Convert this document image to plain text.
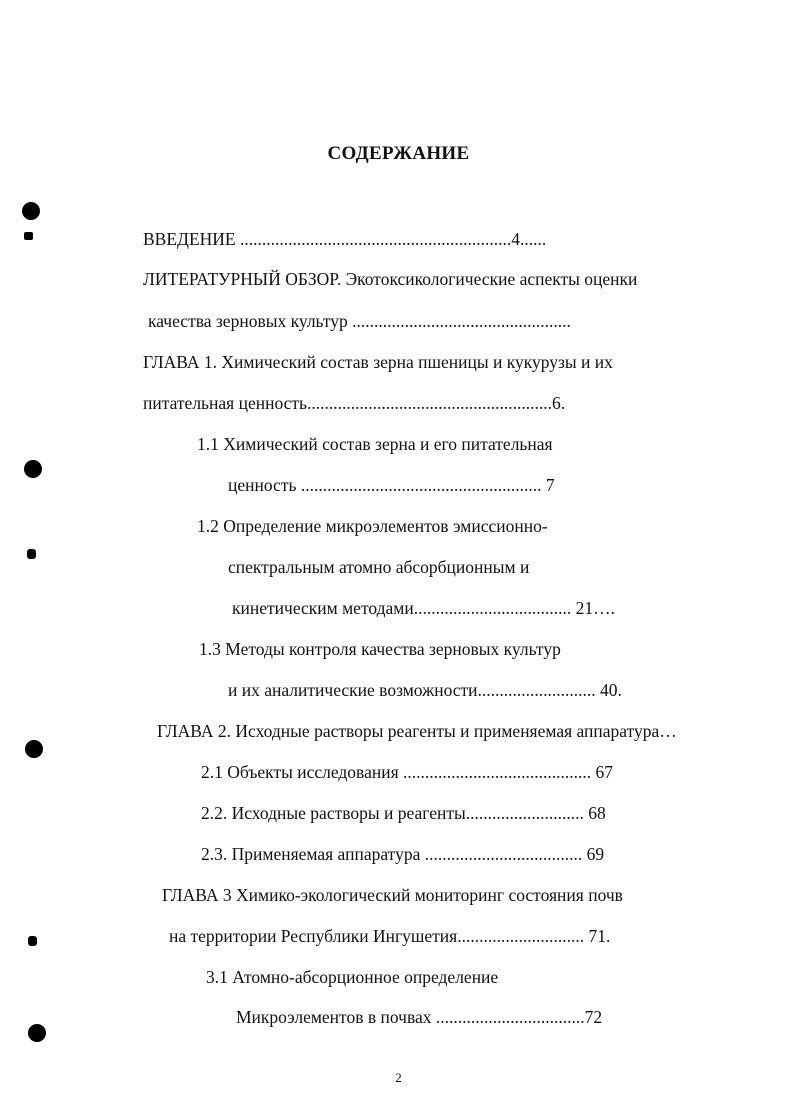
СОДЕРЖАНИЕ
ВВЕДЕНИЕ ..............................................................4......
ЛИТЕРАТУРНЫЙ ОБЗОР. Экотоксикологические аспекты оценки
качества зерновых культур ..................................................
ГЛАВА 1. Химический состав зерна пшеницы и кукурузы и их
питательная ценность........................................................6.
1.1 Химический состав зерна и его питательная
ценность ....................................................... 7
1.2 Определение микроэлементов эмиссионно-
спектральным атомно абсорбционным и
кинетическим методами.................................... 21….
1.3 Методы контроля качества зерновых культур
и их аналитические возможности........................... 40.
ГЛАВА 2. Исходные растворы реагенты и применяемая аппаратура…
2.1 Объекты исследования ........................................... 67
2.2. Исходные растворы и реагенты........................... 68
2.3. Применяемая аппаратура .................................... 69
ГЛАВА 3 Химико-экологический мониторинг состояния почв
на территории Республики Ингушетия............................. 71.
3.1 Атомно-абсорционное определение
Микроэлементов в почвах ..................................72
2
